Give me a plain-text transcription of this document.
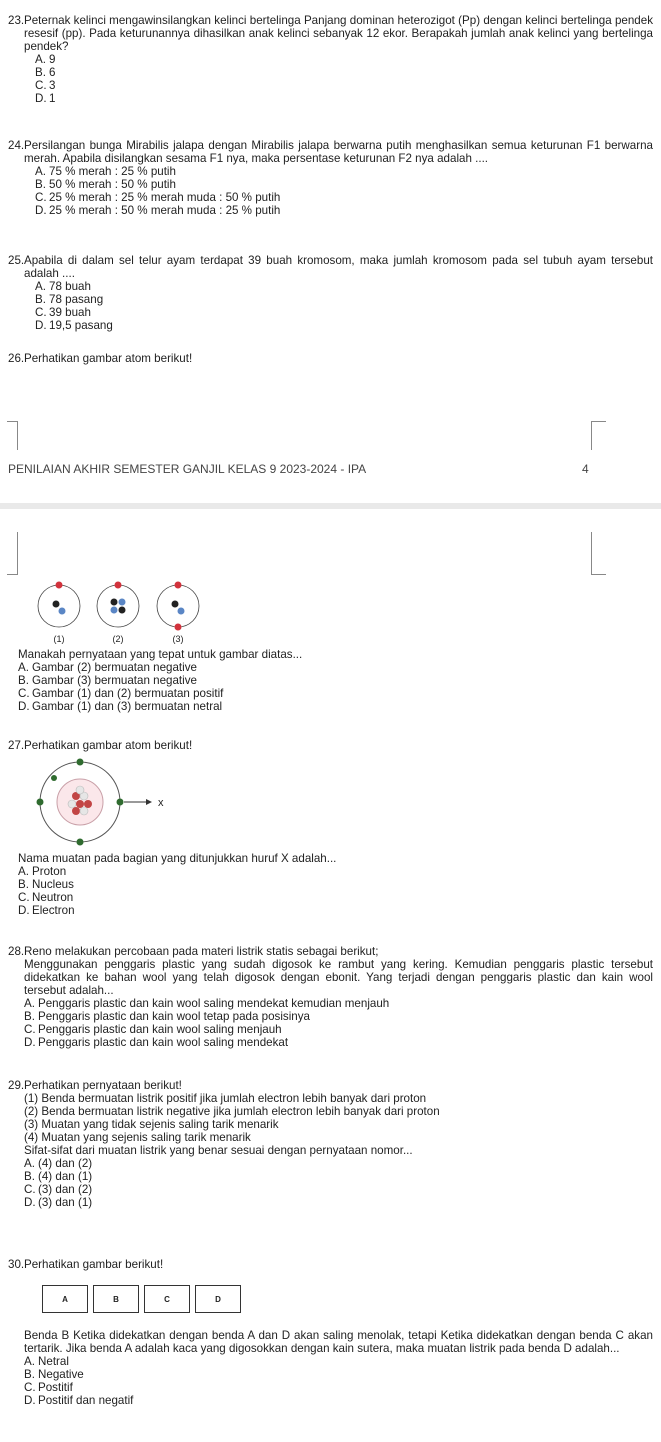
23.Peternak kelinci mengawinsilangkan kelinci bertelinga Panjang dominan heterozigot (Pp) dengan kelinci bertelinga pendek resesif (pp). Pada keturunannya dihasilkan anak kelinci sebanyak 12 ekor. Berapakah jumlah anak kelinci yang bertelinga pendek?
A. 9
B. 6
C. 3
D. 1
24.Persilangan bunga Mirabilis jalapa dengan Mirabilis jalapa berwarna putih menghasilkan semua keturunan F1 berwarna merah. Apabila disilangkan sesama F1 nya, maka persentase keturunan F2 nya adalah ....
A. 75 % merah : 25 % putih
B. 50 % merah : 50 % putih
C. 25 % merah : 25 % merah muda : 50 % putih
D. 25 % merah : 50 % merah muda : 25 % putih
25.Apabila di dalam sel telur ayam terdapat 39 buah kromosom, maka jumlah kromosom pada sel tubuh ayam tersebut adalah ....
A. 78 buah
B. 78 pasang
C. 39 buah
D. 19,5 pasang
26.Perhatikan gambar atom berikut!
PENILAIAN AKHIR SEMESTER GANJIL KELAS 9 2023-2024 - IPA	4
(1)	(2)	(3)
Manakah pernyataan yang tepat untuk gambar diatas...
A. Gambar (2) bermuatan negative
B. Gambar (3) bermuatan negative
C. Gambar (1) dan (2) bermuatan positif
D. Gambar (1) dan (3) bermuatan netral
27.Perhatikan gambar atom berikut!
x
Nama muatan pada bagian yang ditunjukkan huruf X adalah...
A. Proton
B. Nucleus
C. Neutron
D. Electron
28.Reno melakukan percobaan pada materi listrik statis sebagai berikut;
Menggunakan penggaris plastic yang sudah digosok ke rambut yang kering. Kemudian penggaris plastic tersebut didekatkan ke bahan wool yang telah digosok dengan ebonit. Yang terjadi dengan penggaris plastic dan kain wool tersebut adalah...
A. Penggaris plastic dan kain wool saling mendekat kemudian menjauh
B. Penggaris plastic dan kain wool tetap pada posisinya
C. Penggaris plastic dan kain wool saling menjauh
D. Penggaris plastic dan kain wool saling mendekat
29.Perhatikan pernyataan berikut!
(1) Benda bermuatan listrik positif jika jumlah electron lebih banyak dari proton
(2) Benda bermuatan listrik negative jika jumlah electron lebih banyak dari proton
(3) Muatan yang tidak sejenis saling tarik menarik
(4) Muatan yang sejenis saling tarik menarik
Sifat-sifat dari muatan listrik yang benar sesuai dengan pernyataan nomor...
A. (4) dan (2)
B. (4) dan (1)
C. (3) dan (2)
D. (3) dan (1)
30.Perhatikan gambar berikut!
A	B	C	D
Benda B Ketika didekatkan dengan benda A dan D akan saling menolak, tetapi Ketika didekatkan dengan benda C akan tertarik. Jika benda A adalah kaca yang digosokkan dengan kain sutera, maka muatan listrik pada benda D adalah...
A. Netral
B. Negative
C. Postitif
D. Postitif dan negatif
